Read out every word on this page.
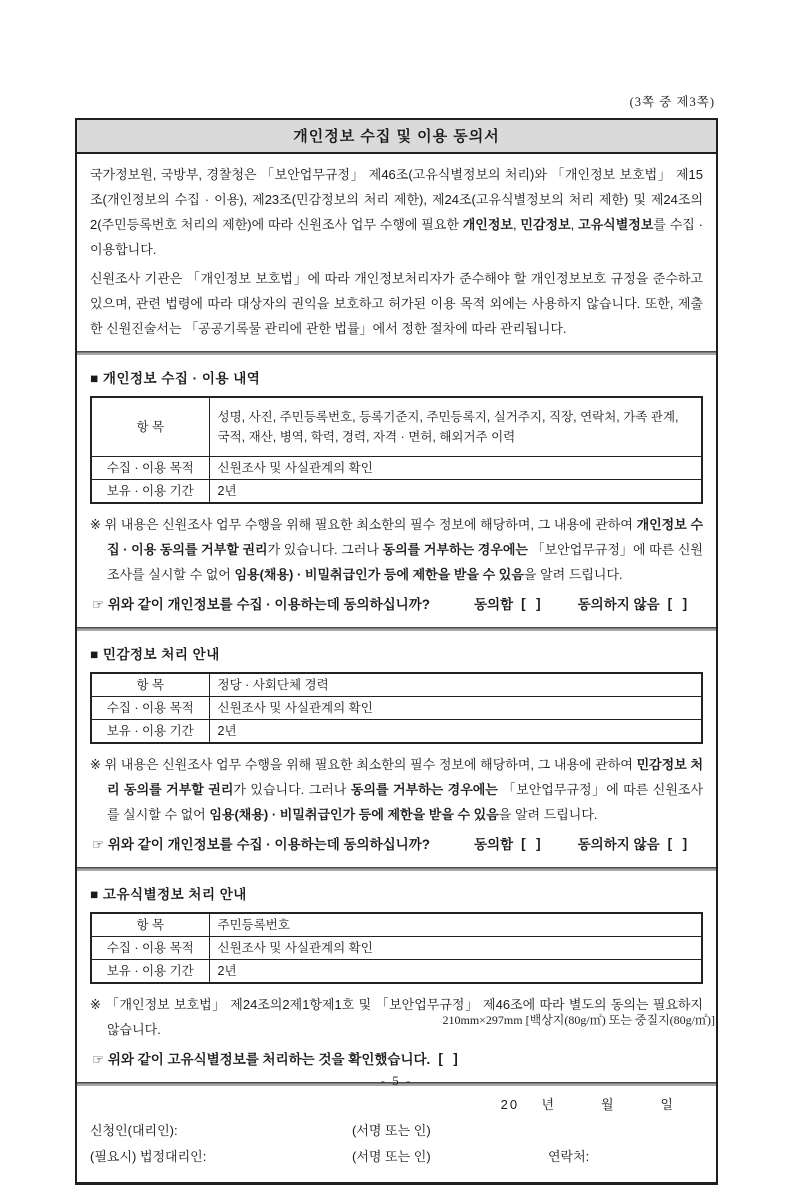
(3쪽 중 제3쪽)
개인정보 수집 및 이용 동의서

국가정보원, 국방부, 경찰청은 「보안업무규정」 제46조(고유식별정보의 처리)와 「개인정보 보호법」 제15조(개인정보의 수집 · 이용), 제23조(민감정보의 처리 제한), 제24조(고유식별정보의 처리 제한) 및 제24조의2(주민등록번호 처리의 제한)에 따라 신원조사 업무 수행에 필요한 개인정보, 민감정보, 고유식별정보를 수집 · 이용합니다.

신원조사 기관은 「개인정보 보호법」에 따라 개인정보처리자가 준수해야 할 개인정보보호 규정을 준수하고 있으며, 관련 법령에 따라 대상자의 권익을 보호하고 허가된 이용 목적 외에는 사용하지 않습니다. 또한, 제출한 신원진술서는 「공공기록물 관리에 관한 법률」에서 정한 절차에 따라 관리됩니다.

■ 개인정보 수집 · 이용 내역
항 목	성명, 사진, 주민등록번호, 등록기준지, 주민등록지, 실거주지, 직장, 연락처, 가족 관계, 국적, 재산, 병역, 학력, 경력, 자격 · 면허, 해외거주 이력
수집 · 이용 목적	신원조사 및 사실관계의 확인
보유 · 이용 기간	2년

※ 위 내용은 신원조사 업무 수행을 위해 필요한 최소한의 필수 정보에 해당하며, 그 내용에 관하여 개인정보 수집 · 이용 동의를 거부할 권리가 있습니다. 그러나 동의를 거부하는 경우에는 「보안업무규정」에 따른 신원조사를 실시할 수 없어 임용(채용) · 비밀취급인가 등에 제한을 받을 수 있음을 알려 드립니다.

☞ 위와 같이 개인정보를 수집 · 이용하는데 동의하십니까?	동의함 [  ]	동의하지 않음 [  ]
■ 민감정보 처리 안내
항 목	정당 · 사회단체 경력
수집 · 이용 목적	신원조사 및 사실관계의 확인
보유 · 이용 기간	2년

※ 위 내용은 신원조사 업무 수행을 위해 필요한 최소한의 필수 정보에 해당하며, 그 내용에 관하여 민감정보 처리 동의를 거부할 권리가 있습니다. 그러나 동의를 거부하는 경우에는 「보안업무규정」에 따른 신원조사를 실시할 수 없어 임용(채용) · 비밀취급인가 등에 제한을 받을 수 있음을 알려 드립니다.

☞ 위와 같이 개인정보를 수집 · 이용하는데 동의하십니까?	동의함 [  ]	동의하지 않음 [  ]
■ 고유식별정보 처리 안내
항 목	주민등록번호
수집 · 이용 목적	신원조사 및 사실관계의 확인
보유 · 이용 기간	2년

※ 「개인정보 보호법」 제24조의2제1항제1호 및 「보안업무규정」 제46조에 따라 별도의 동의는 필요하지 않습니다.

☞ 위와 같이 고유식별정보를 처리하는 것을 확인했습니다. [  ]
20    년        월        일
신청인(대리인):	(서명 또는 인)
(필요시) 법정대리인:	(서명 또는 인)	연락처:
210mm×297mm [백상지(80g/㎡) 또는 중질지(80g/㎡)]
- 5 -
